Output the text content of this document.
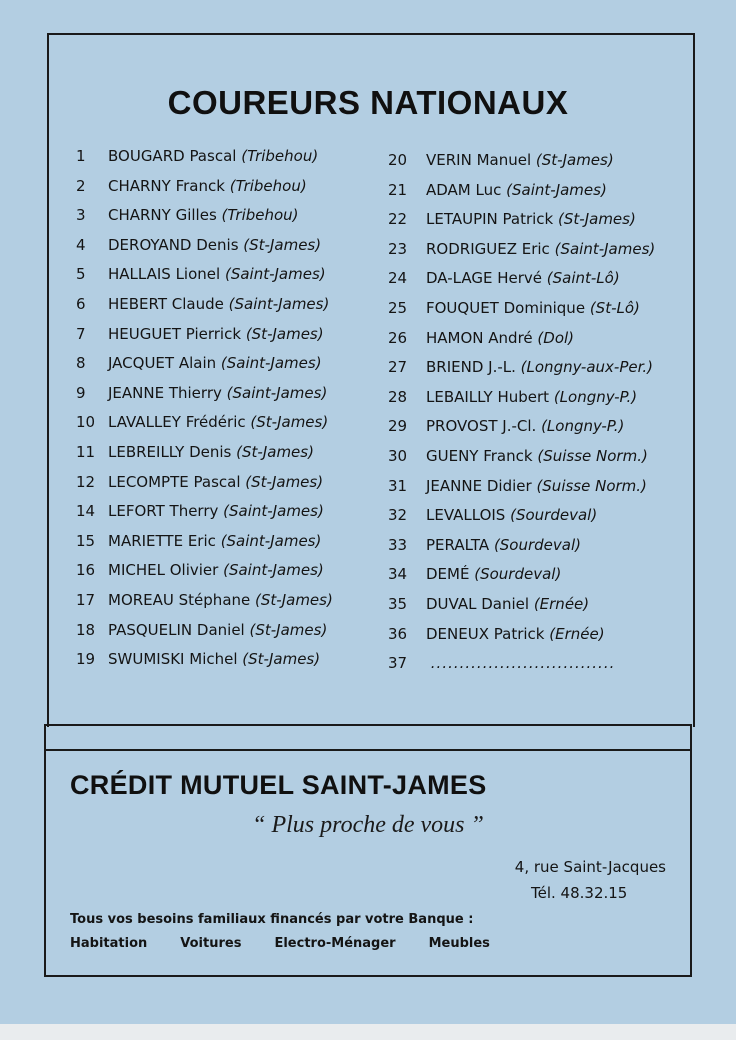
COUREURS NATIONAUX
1 BOUGARD Pascal (Tribehou)
2 CHARNY Franck (Tribehou)
3 CHARNY Gilles (Tribehou)
4 DEROYAND Denis (St-James)
5 HALLAIS Lionel (Saint-James)
6 HEBERT Claude (Saint-James)
7 HEUGUET Pierrick (St-James)
8 JACQUET Alain (Saint-James)
9 JEANNE Thierry (Saint-James)
10 LAVALLEY Frédéric (St-James)
11 LEBREILLY Denis (St-James)
12 LECOMPTE Pascal (St-James)
14 LEFORT Therry (Saint-James)
15 MARIETTE Eric (Saint-James)
16 MICHEL Olivier (Saint-James)
17 MOREAU Stéphane (St-James)
18 PASQUELIN Daniel (St-James)
19 SWUMISKI Michel (St-James)
20 VERIN Manuel (St-James)
21 ADAM Luc (Saint-James)
22 LETAUPIN Patrick (St-James)
23 RODRIGUEZ Eric (Saint-James)
24 DA-LAGE Hervé (Saint-Lô)
25 FOUQUET Dominique (St-Lô)
26 HAMON André (Dol)
27 BRIEND J.-L. (Longny-aux-Per.)
28 LEBAILLY Hubert (Longny-P.)
29 PROVOST J.-Cl. (Longny-P.)
30 GUENY Franck (Suisse Norm.)
31 JEANNE Didier (Suisse Norm.)
32 LEVALLOIS (Sourdeval)
33 PERALTA (Sourdeval)
34 DEMÉ (Sourdeval)
35 DUVAL Daniel (Ernée)
36 DENEUX Patrick (Ernée)
37 ................................
CRÉDIT MUTUEL SAINT-JAMES
“ Plus proche de vous ”
4, rue Saint-Jacques
Tél. 48.32.15
Tous vos besoins familiaux financés par votre Banque :
Habitation	Voitures	Electro-Ménager	Meubles
